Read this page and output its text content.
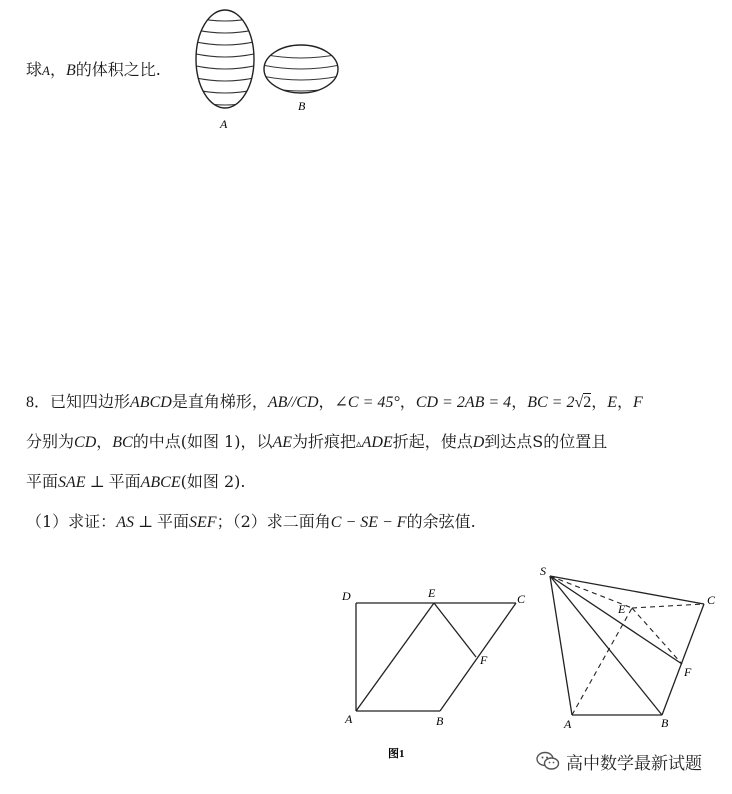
球A，B的体积之比.
A
B
8．已知四边形ABCD是直角梯形，AB//CD，∠C = 45°，CD = 2AB = 4，BC = 2√2，E，F
分别为CD，BC的中点(如图 1)，以AE为折痕把▵ADE折起，使点D到达点S的位置且
平面SAE ⊥ 平面ABCE(如图 2).
（1）求证：AS ⊥ 平面SEF；（2）求二面角C − SE − F的余弦值.
D	E	C
F
A	B
图1
S
E
C
F
A	B
高中数学最新试题
